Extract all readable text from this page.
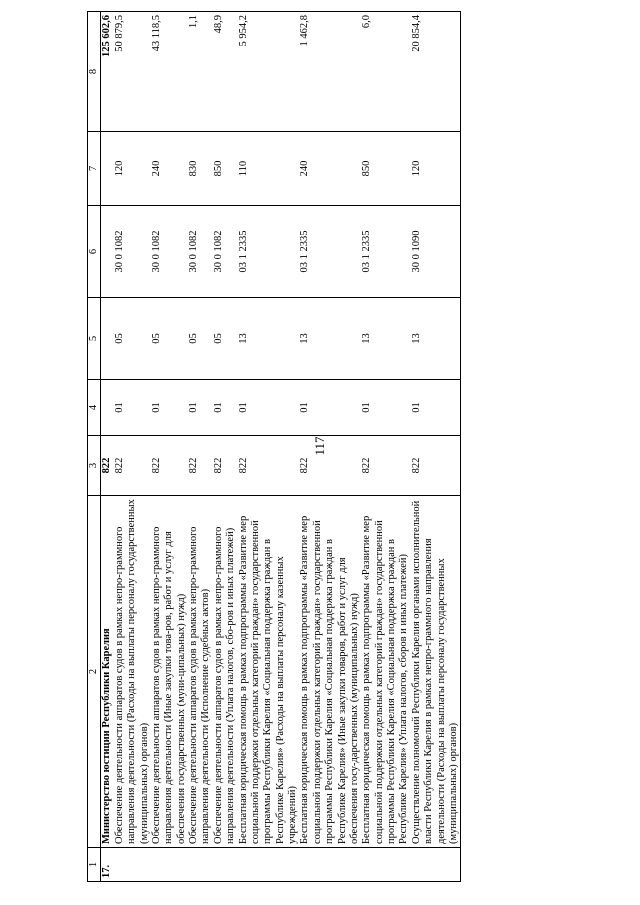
117
1	2	3	4	5	6	7	8
17.	Министерство юстиции Республики Карелия	822					125 602,6
	Обеспечение деятельности аппаратов судов в рамках непро-граммного направления деятельности (Расходы на выплаты персоналу государственных (муниципальных) органов)	822	01	05	30 0 1082	120	50 879,5
	Обеспечение деятельности аппаратов судов в рамках непро-граммного направления деятельности (Иные закупки това-ров, работ и услуг для обеспечения государственных (муни-ципальных) нужд)	822	01	05	30 0 1082	240	43 118,5
	Обеспечение деятельности аппаратов судов в рамках непро-граммного направления деятельности (Исполнение судебных актов)	822	01	05	30 0 1082	830	1,1
	Обеспечение деятельности аппаратов судов в рамках непро-граммного направления деятельности (Уплата налогов, сбо-ров и иных платежей)	822	01	05	30 0 1082	850	48,9
	Бесплатная юридическая помощь в рамках подпрограммы «Развитие мер социальной поддержки отдельных категорий граждан» государственной программы Республики Карелия «Социальная поддержка граждан в Республике Карелия» (Расходы на выплаты персоналу казенных учреждений)	822	01	13	03 1 2335	110	5 954,2
	Бесплатная юридическая помощь в рамках подпрограммы «Развитие мер социальной поддержки отдельных категорий граждан» государственной программы Республики Карелия «Социальная поддержка граждан в Республике Карелия» (Иные закупки товаров, работ и услуг для обеспечения госу-дарственных (муниципальных) нужд)	822	01	13	03 1 2335	240	1 462,8
	Бесплатная юридическая помощь в рамках подпрограммы «Развитие мер социальной поддержки отдельных категорий граждан» государственной программы Республики Карелия «Социальная поддержка граждан в Республике Карелия» (Уплата налогов, сборов и иных платежей)	822	01	13	03 1 2335	850	6,0
	Осуществление полномочий Республики Карелия органами исполнительной власти Республики Карелия в рамках непро-граммного направления деятельности (Расходы на выплаты персоналу государственных (муниципальных) органов)	822	01	13	30 0 1090	120	20 854,4
